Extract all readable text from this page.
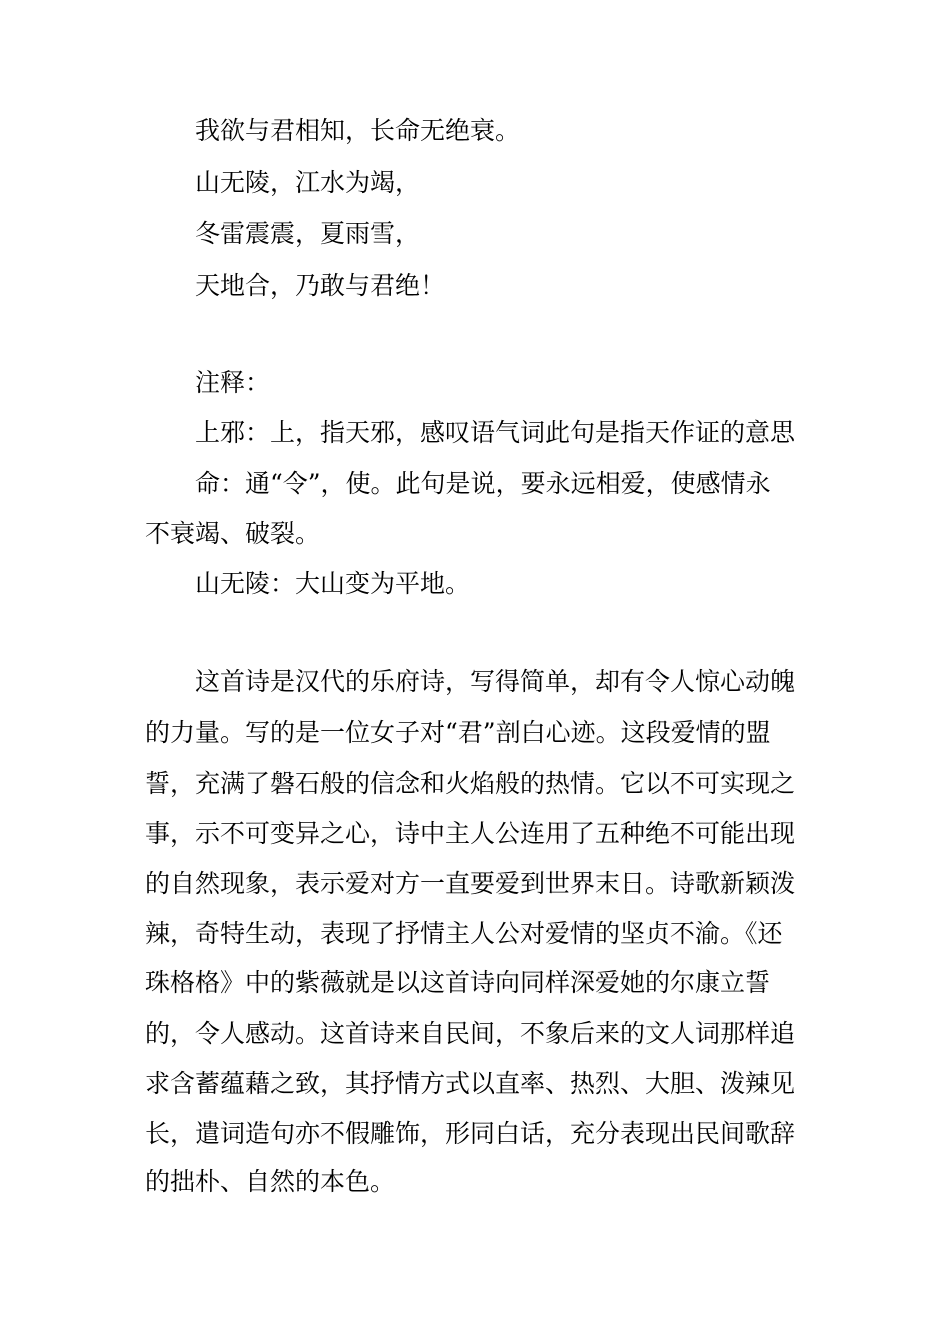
我欲与君相知，长命无绝衰。

山无陵，江水为竭，

冬雷震震，夏雨雪，

天地合，乃敢与君绝！

注释：

上邪：上，指天邪，感叹语气词此句是指天作证的意思

命：通“令”，使。此句是说，要永远相爱，使感情永

不衰竭、破裂。

山无陵：大山变为平地。

这首诗是汉代的乐府诗，写得简单，却有令人惊心动魄

的力量。写的是一位女子对“君”剖白心迹。这段爱情的盟

誓，充满了磐石般的信念和火焰般的热情。它以不可实现之

事，示不可变异之心，诗中主人公连用了五种绝不可能出现

的自然现象，表示爱对方一直要爱到世界末日。诗歌新颖泼

辣，奇特生动，表现了抒情主人公对爱情的坚贞不渝。《还

珠格格》中的紫薇就是以这首诗向同样深爱她的尔康立誓

的，令人感动。这首诗来自民间，不象后来的文人词那样追

求含蓄蕴藉之致，其抒情方式以直率、热烈、大胆、泼辣见

长，遣词造句亦不假雕饰，形同白话，充分表现出民间歌辞

的拙朴、自然的本色。
